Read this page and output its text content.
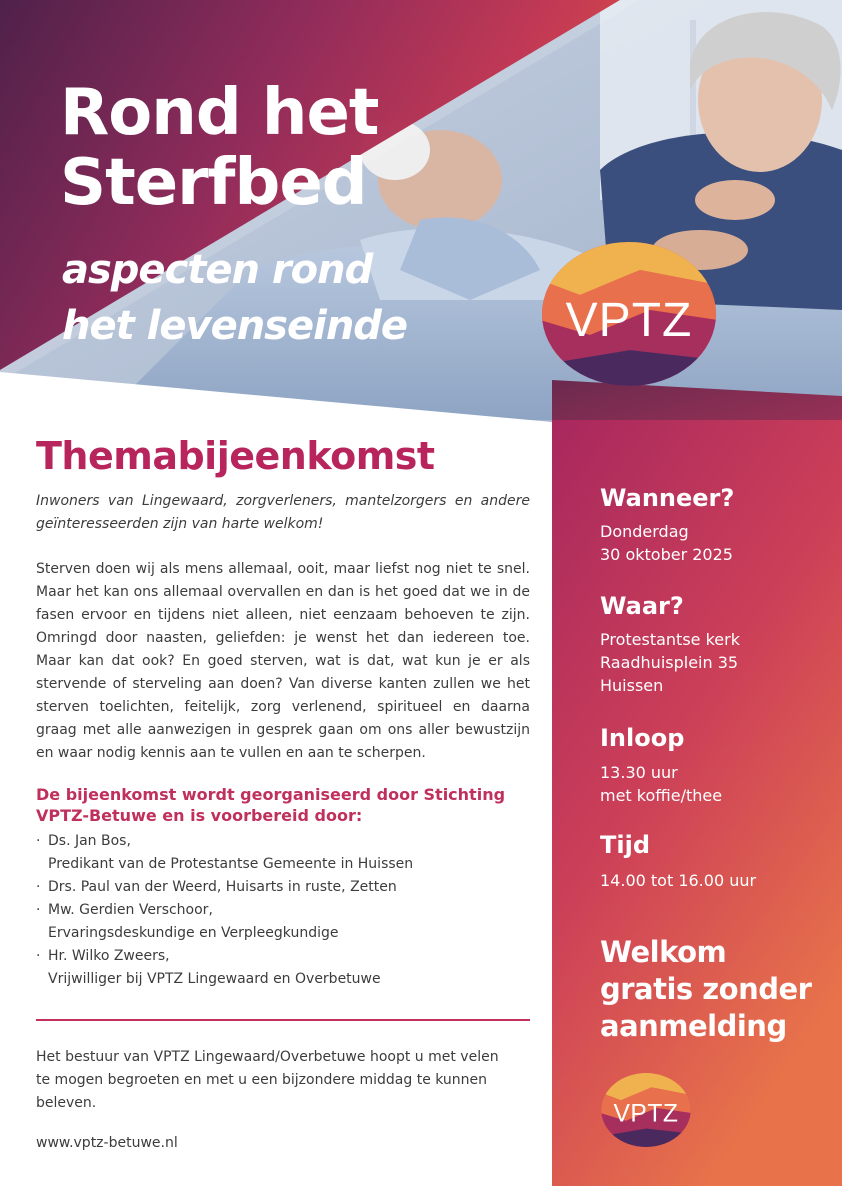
Rond het
Sterfbed
aspecten rond
het levenseinde	VPTZ
VPTZ
Themabijeenkomst

Inwoners van Lingewaard, zorgverleners, mantelzorgers en andere geïnteresseerden zijn van harte welkom!

Sterven doen wij als mens allemaal, ooit, maar liefst nog niet te snel. Maar het kan ons allemaal overvallen en dan is het goed dat we in de fasen ervoor en tijdens niet alleen, niet eenzaam behoeven te zijn. Omringd door naasten, geliefden: je wenst het dan iedereen toe. Maar kan dat ook? En goed sterven, wat is dat, wat kun je er als stervende of sterveling aan doen? Van diverse kanten zullen we het sterven toelichten, feitelijk, zorg verlenend, spiritueel en daarna graag met alle aanwezigen in gesprek gaan om ons aller bewustzijn en waar nodig kennis aan te vullen en aan te scherpen.

De bijeenkomst wordt georganiseerd door Stichting
VPTZ-Betuwe en is voorbereid door:

· Ds. Jan Bos,
Predikant van de Protestantse Gemeente in Huissen
· Drs. Paul van der Weerd, Huisarts in ruste, Zetten
· Mw. Gerdien Verschoor,
Ervaringsdeskundige en Verpleegkundige
· Hr. Wilko Zweers,
Vrijwilliger bij VPTZ Lingewaard en Overbetuwe

Het bestuur van VPTZ Lingewaard/Overbetuwe hoopt u met velen
te mogen begroeten en met u een bijzondere middag te kunnen
beleven.

www.vptz-betuwe.nl

Wanneer?

Donderdag
30 oktober 2025

Waar?

Protestantse kerk
Raadhuisplein 35
Huissen

Inloop

13.30 uur
met koffie/thee

Tijd

14.00 tot 16.00 uur

Welkom
gratis zonder
aanmelding
